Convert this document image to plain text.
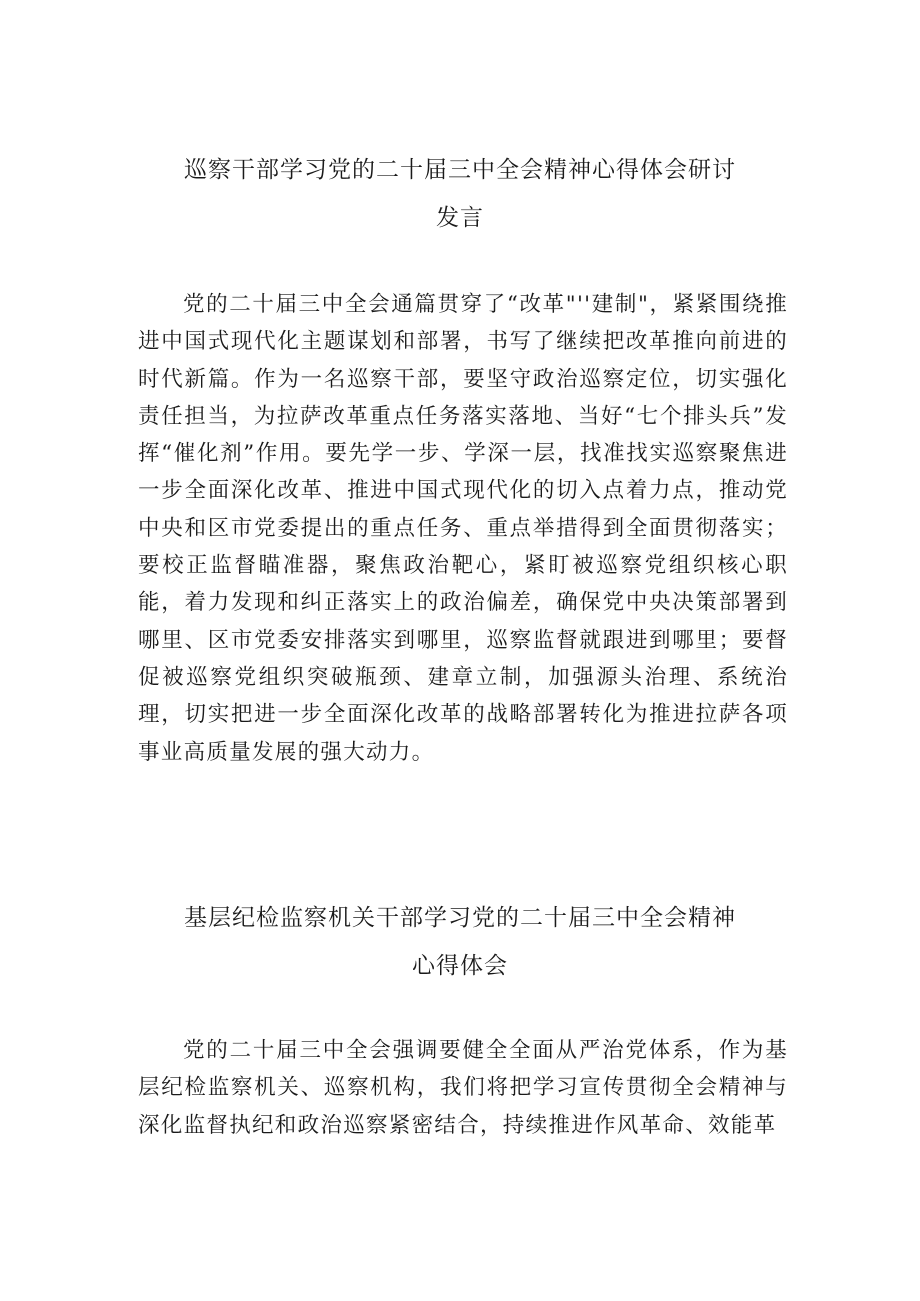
巡察干部学习党的二十届三中全会精神心得体会研讨
发言

党的二十届三中全会通篇贯穿了“改革"''建制"，紧紧围绕推进中国式现代化主题谋划和部署，书写了继续把改革推向前进的时代新篇。作为一名巡察干部，要坚守政治巡察定位，切实强化责任担当，为拉萨改革重点任务落实落地、当好“七个排头兵”发挥“催化剂”作用。要先学一步、学深一层，找准找实巡察聚焦进一步全面深化改革、推进中国式现代化的切入点着力点，推动党中央和区市党委提出的重点任务、重点举措得到全面贯彻落实；要校正监督瞄准器，聚焦政治靶心，紧盯被巡察党组织核心职能，着力发现和纠正落实上的政治偏差，确保党中央决策部署到哪里、区市党委安排落实到哪里，巡察监督就跟进到哪里；要督促被巡察党组织突破瓶颈、建章立制，加强源头治理、系统治理，切实把进一步全面深化改革的战略部署转化为推进拉萨各项事业高质量发展的强大动力。

基层纪检监察机关干部学习党的二十届三中全会精神
心得体会

党的二十届三中全会强调要健全全面从严治党体系，作为基层纪检监察机关、巡察机构，我们将把学习宣传贯彻全会精神与深化监督执纪和政治巡察紧密结合，持续推进作风革命、效能革
